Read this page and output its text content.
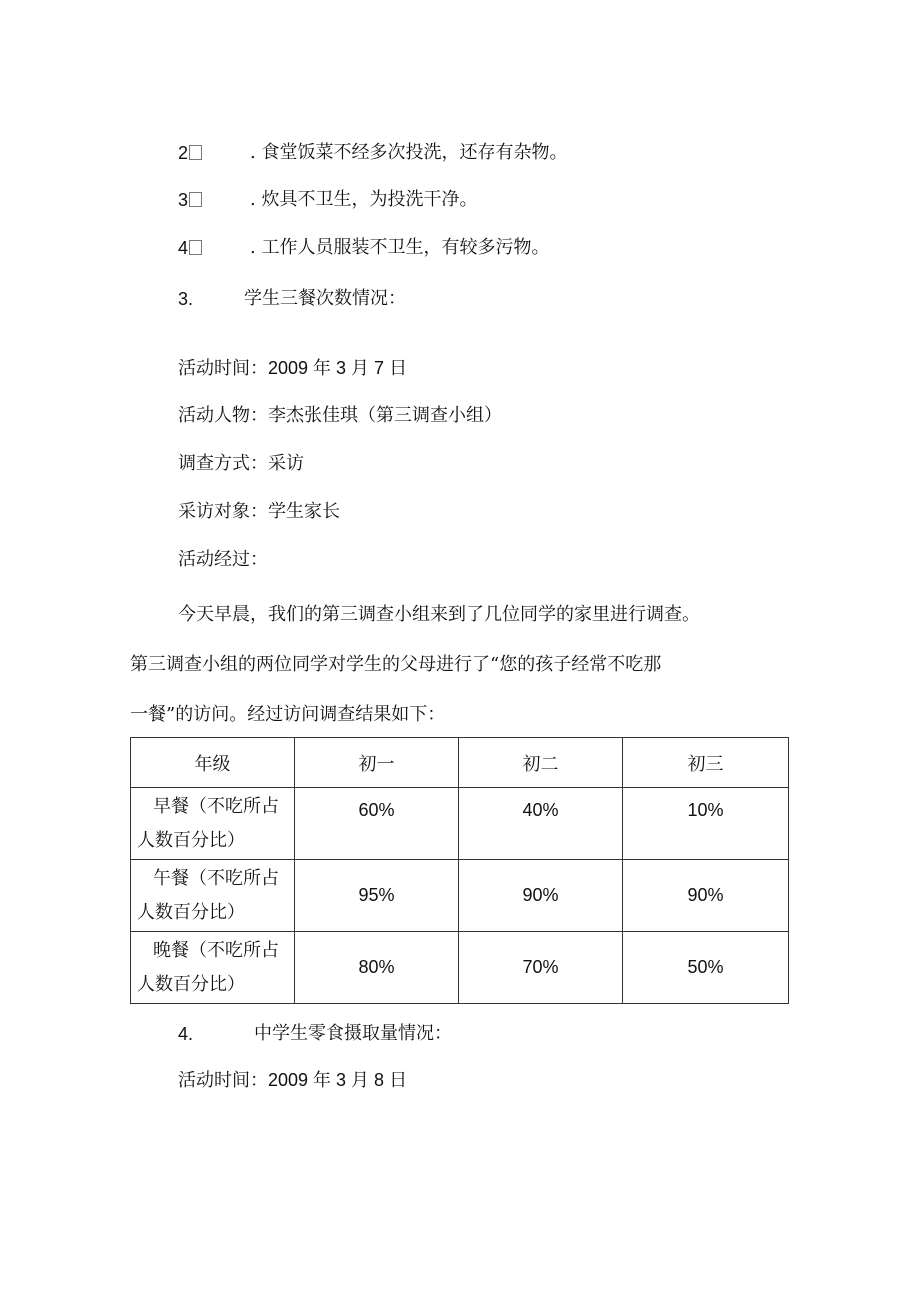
2	. 食堂饭菜不经多次投洗，还存有杂物。
3	. 炊具不卫生，为投洗干净。
4	. 工作人员服装不卫生，有较多污物。
3.	学生三餐次数情况：
活动时间：2009 年 3 月 7 日
活动人物：李杰张佳琪（第三调查小组）
调查方式：采访
采访对象：学生家长
活动经过：
今天早晨，我们的第三调查小组来到了几位同学的家里进行调查。
第三调查小组的两位同学对学生的父母进行了“您的孩子经常不吃那
一餐”的访问。经过访问调查结果如下：
年级	初一	初二	初三

早餐（不吃所占
人数百分比）	60%	40%	10%

午餐（不吃所占
人数百分比）	95%	90%	90%

晚餐（不吃所占
人数百分比）	80%	70%	50%
4.	中学生零食摄取量情况：
活动时间：2009 年 3 月 8 日
